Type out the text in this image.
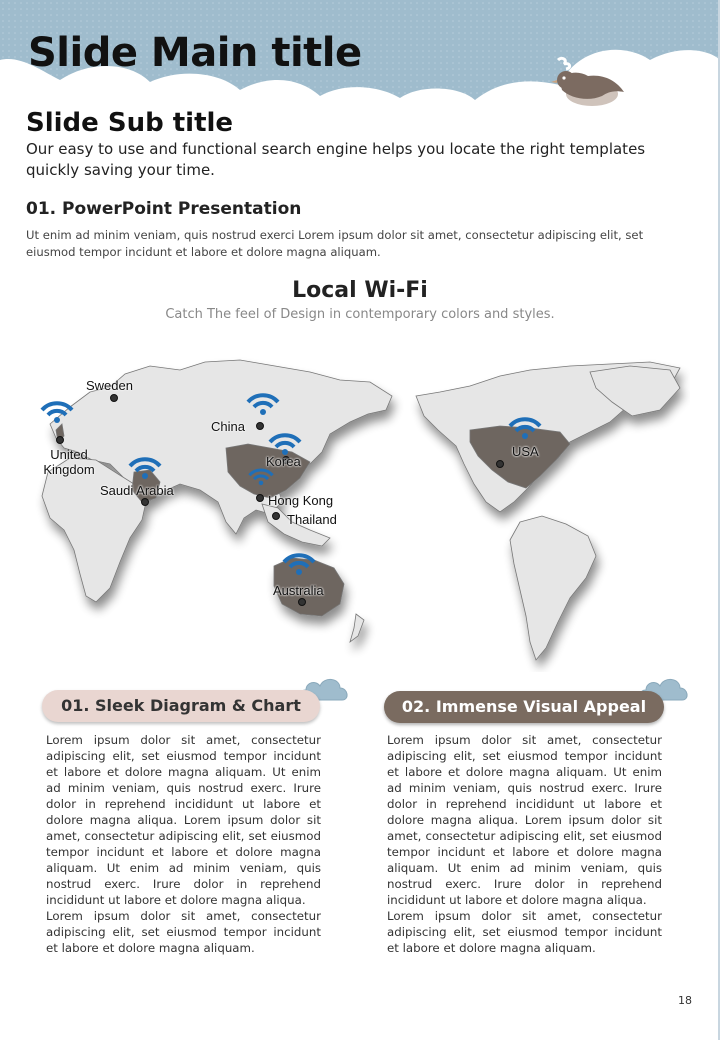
Slide Main title
Slide Sub title
Our easy to use and functional search engine helps you locate the right templates quickly saving your time.
01. PowerPoint Presentation
Ut enim ad minim veniam, quis nostrud exerci Lorem ipsum dolor sit amet, consectetur adipiscing elit, set eiusmod tempor incidunt et labore et dolore magna aliquam.
Local Wi-Fi
Catch The feel of Design in contemporary colors and styles.
Sweden
United
Kingdom
Saudi Arabia
China
Korea
Hong Kong
Thailand
Australia
USA
01. Sleek Diagram & Chart	02. Immense Visual Appeal

Lorem ipsum dolor sit amet, consectetur adipiscing elit, set eiusmod tempor incidunt et labore et dolore magna aliquam. Ut enim ad minim veniam, quis nostrud exerc. Irure dolor in reprehend incididunt ut labore et dolore magna aliqua. Lorem ipsum dolor sit amet, consectetur adipiscing elit, set eiusmod tempor incidunt et labore et dolore magna aliquam. Ut enim ad minim veniam, quis nostrud exerc. Irure dolor in reprehend incididunt ut labore et dolore magna aliqua.

Lorem ipsum dolor sit amet, consectetur adipiscing elit, set eiusmod tempor incidunt et labore et dolore magna aliquam.

Lorem ipsum dolor sit amet, consectetur adipiscing elit, set eiusmod tempor incidunt et labore et dolore magna aliquam. Ut enim ad minim veniam, quis nostrud exerc. Irure dolor in reprehend incididunt ut labore et dolore magna aliqua. Lorem ipsum dolor sit amet, consectetur adipiscing elit, set eiusmod tempor incidunt et labore et dolore magna aliquam. Ut enim ad minim veniam, quis nostrud exerc. Irure dolor in reprehend incididunt ut labore et dolore magna aliqua.

Lorem ipsum dolor sit amet, consectetur adipiscing elit, set eiusmod tempor incidunt et labore et dolore magna aliquam.

18
